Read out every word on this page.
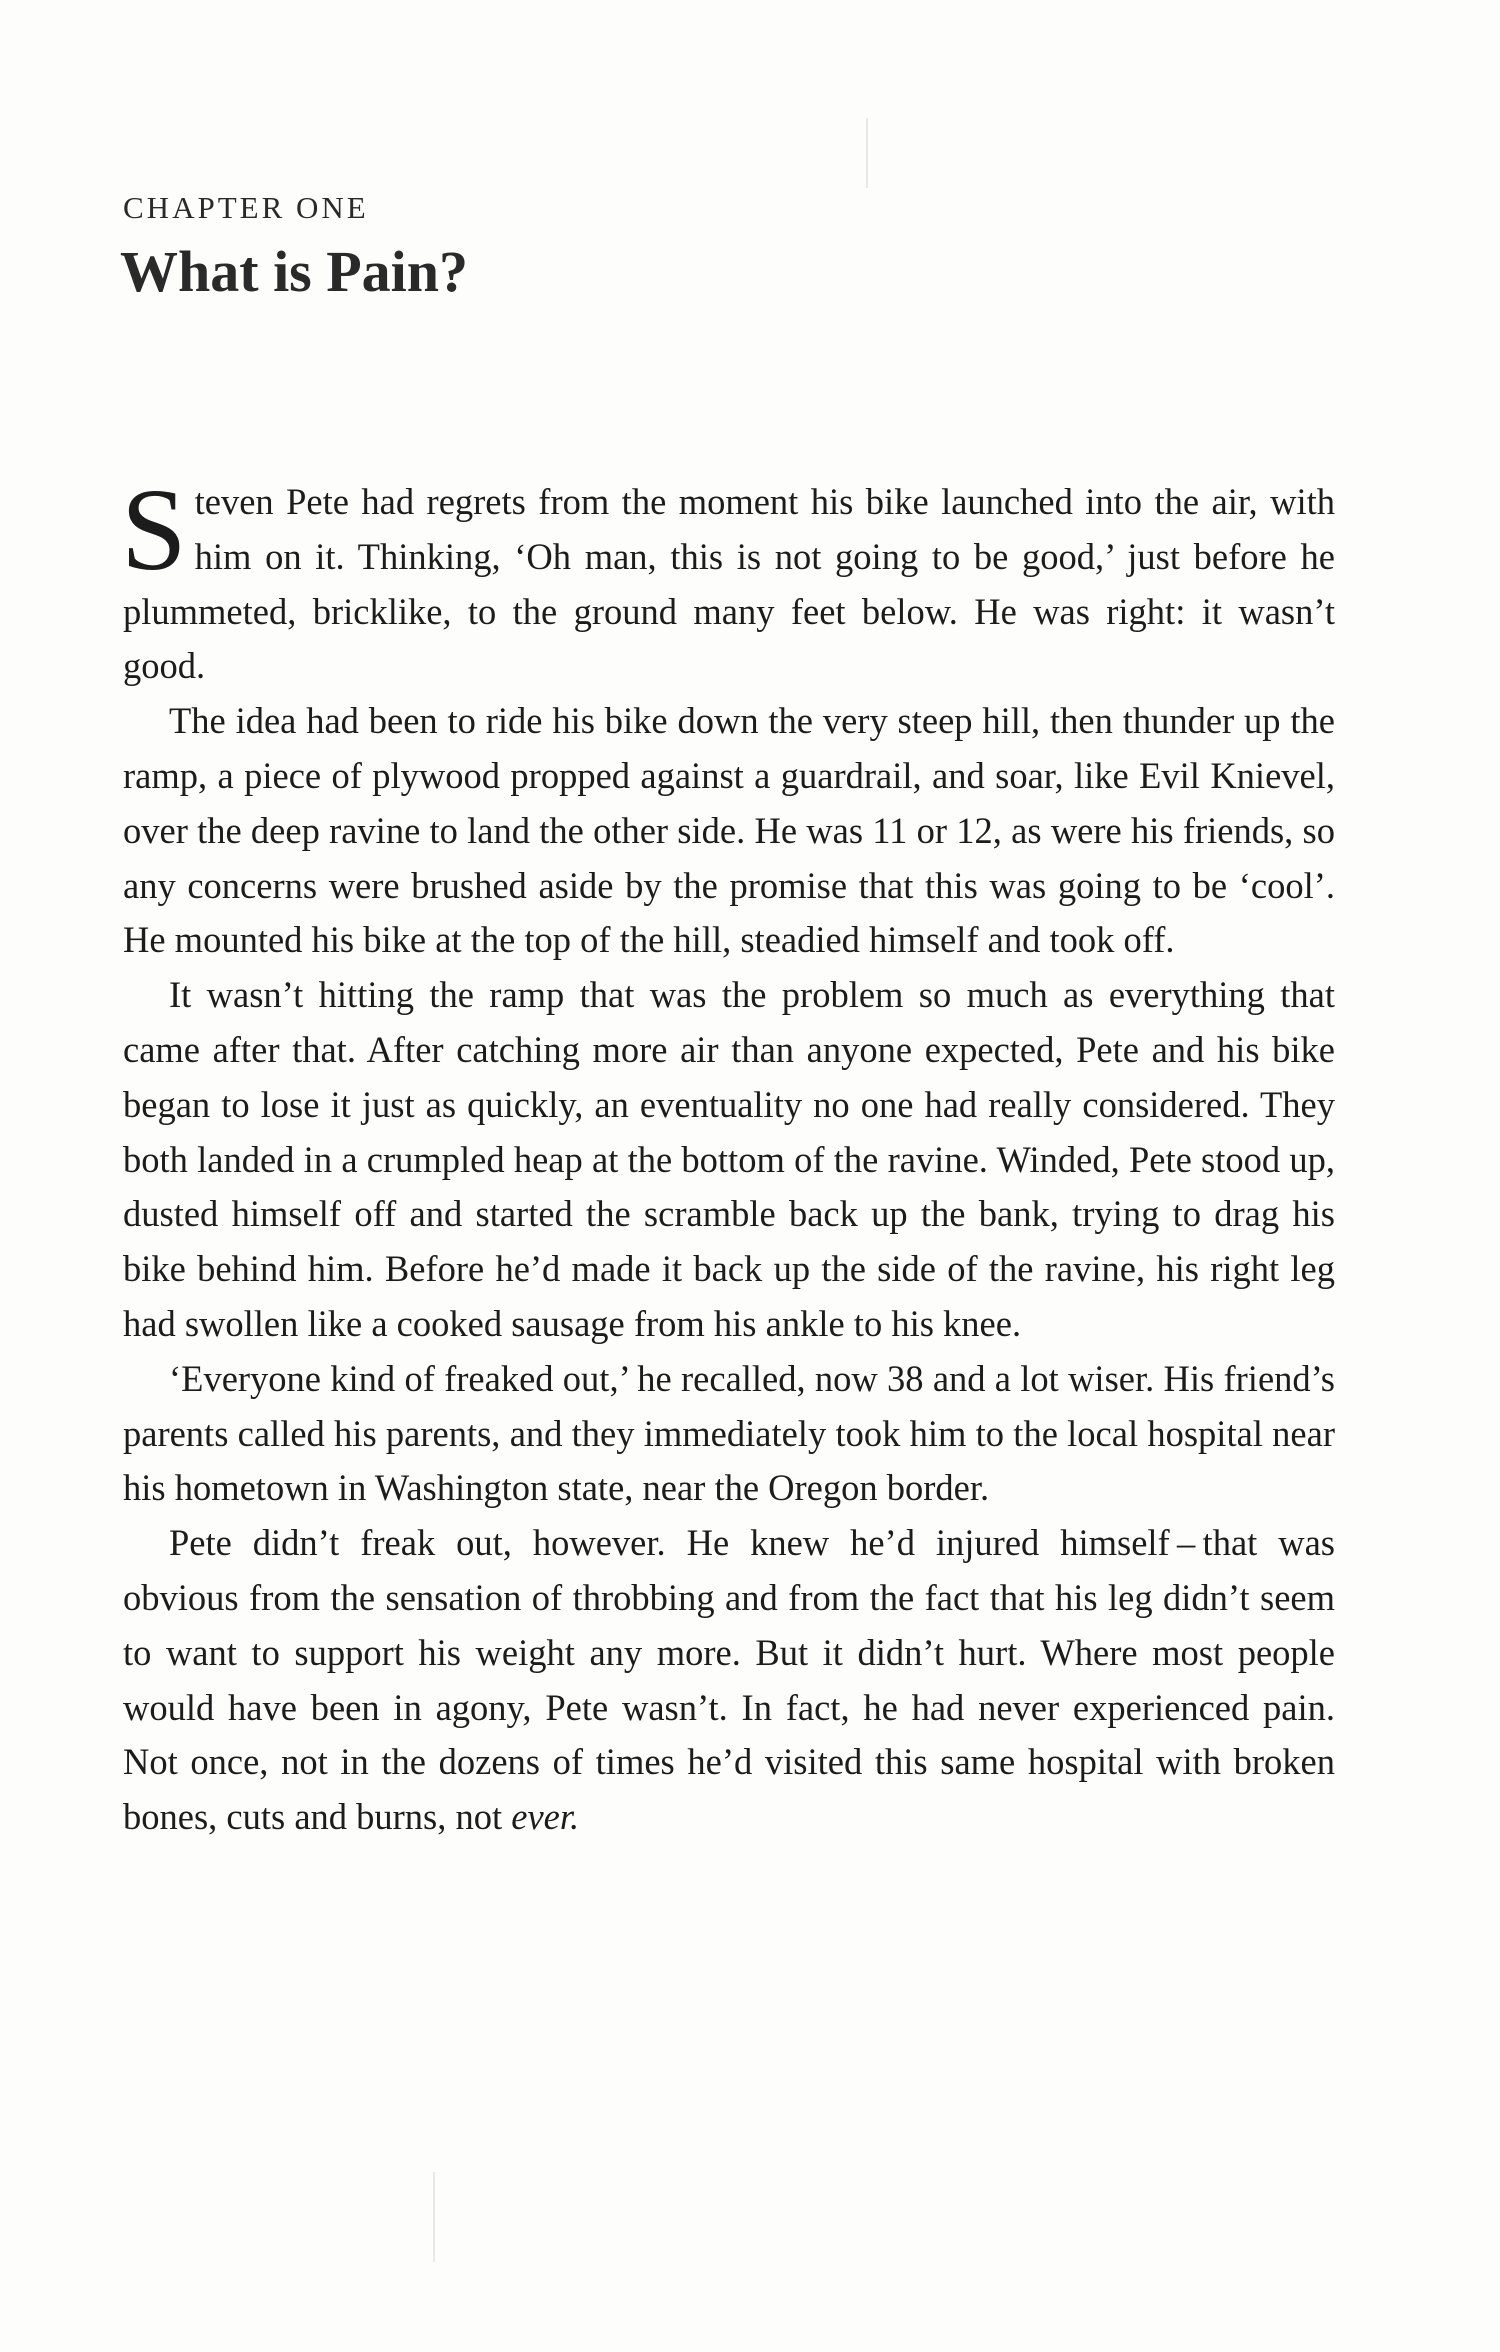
CHAPTER ONE
What is Pain?

Steven Pete had regrets from the moment his bike launched into the air, with him on it. Thinking, ‘Oh man, this is not going to be good,’ just before he plummeted, bricklike, to the ground many feet below. He was right: it wasn’t good.

The idea had been to ride his bike down the very steep hill, then thunder up the ramp, a piece of plywood propped against a guardrail, and soar, like Evil Knievel, over the deep ravine to land the other side. He was 11 or 12, as were his friends, so any concerns were brushed aside by the promise that this was going to be ‘cool’. He mounted his bike at the top of the hill, steadied himself and took off.

It wasn’t hitting the ramp that was the problem so much as everything that came after that. After catching more air than anyone expected, Pete and his bike began to lose it just as quickly, an eventuality no one had really considered. They both landed in a crumpled heap at the bottom of the ravine. Winded, Pete stood up, dusted himself off and started the scramble back up the bank, trying to drag his bike behind him. Before he’d made it back up the side of the ravine, his right leg had swollen like a cooked sausage from his ankle to his knee.

‘Everyone kind of freaked out,’ he recalled, now 38 and a lot wiser. His friend’s parents called his parents, and they immediately took him to the local hospital near his hometown in Washington state, near the Oregon border.

Pete didn’t freak out, however. He knew he’d injured himself – that was obvious from the sensation of throbbing and from the fact that his leg didn’t seem to want to support his weight any more. But it didn’t hurt. Where most people would have been in agony, Pete wasn’t. In fact, he had never experienced pain. Not once, not in the dozens of times he’d visited this same hospital with broken bones, cuts and burns, not ever.
